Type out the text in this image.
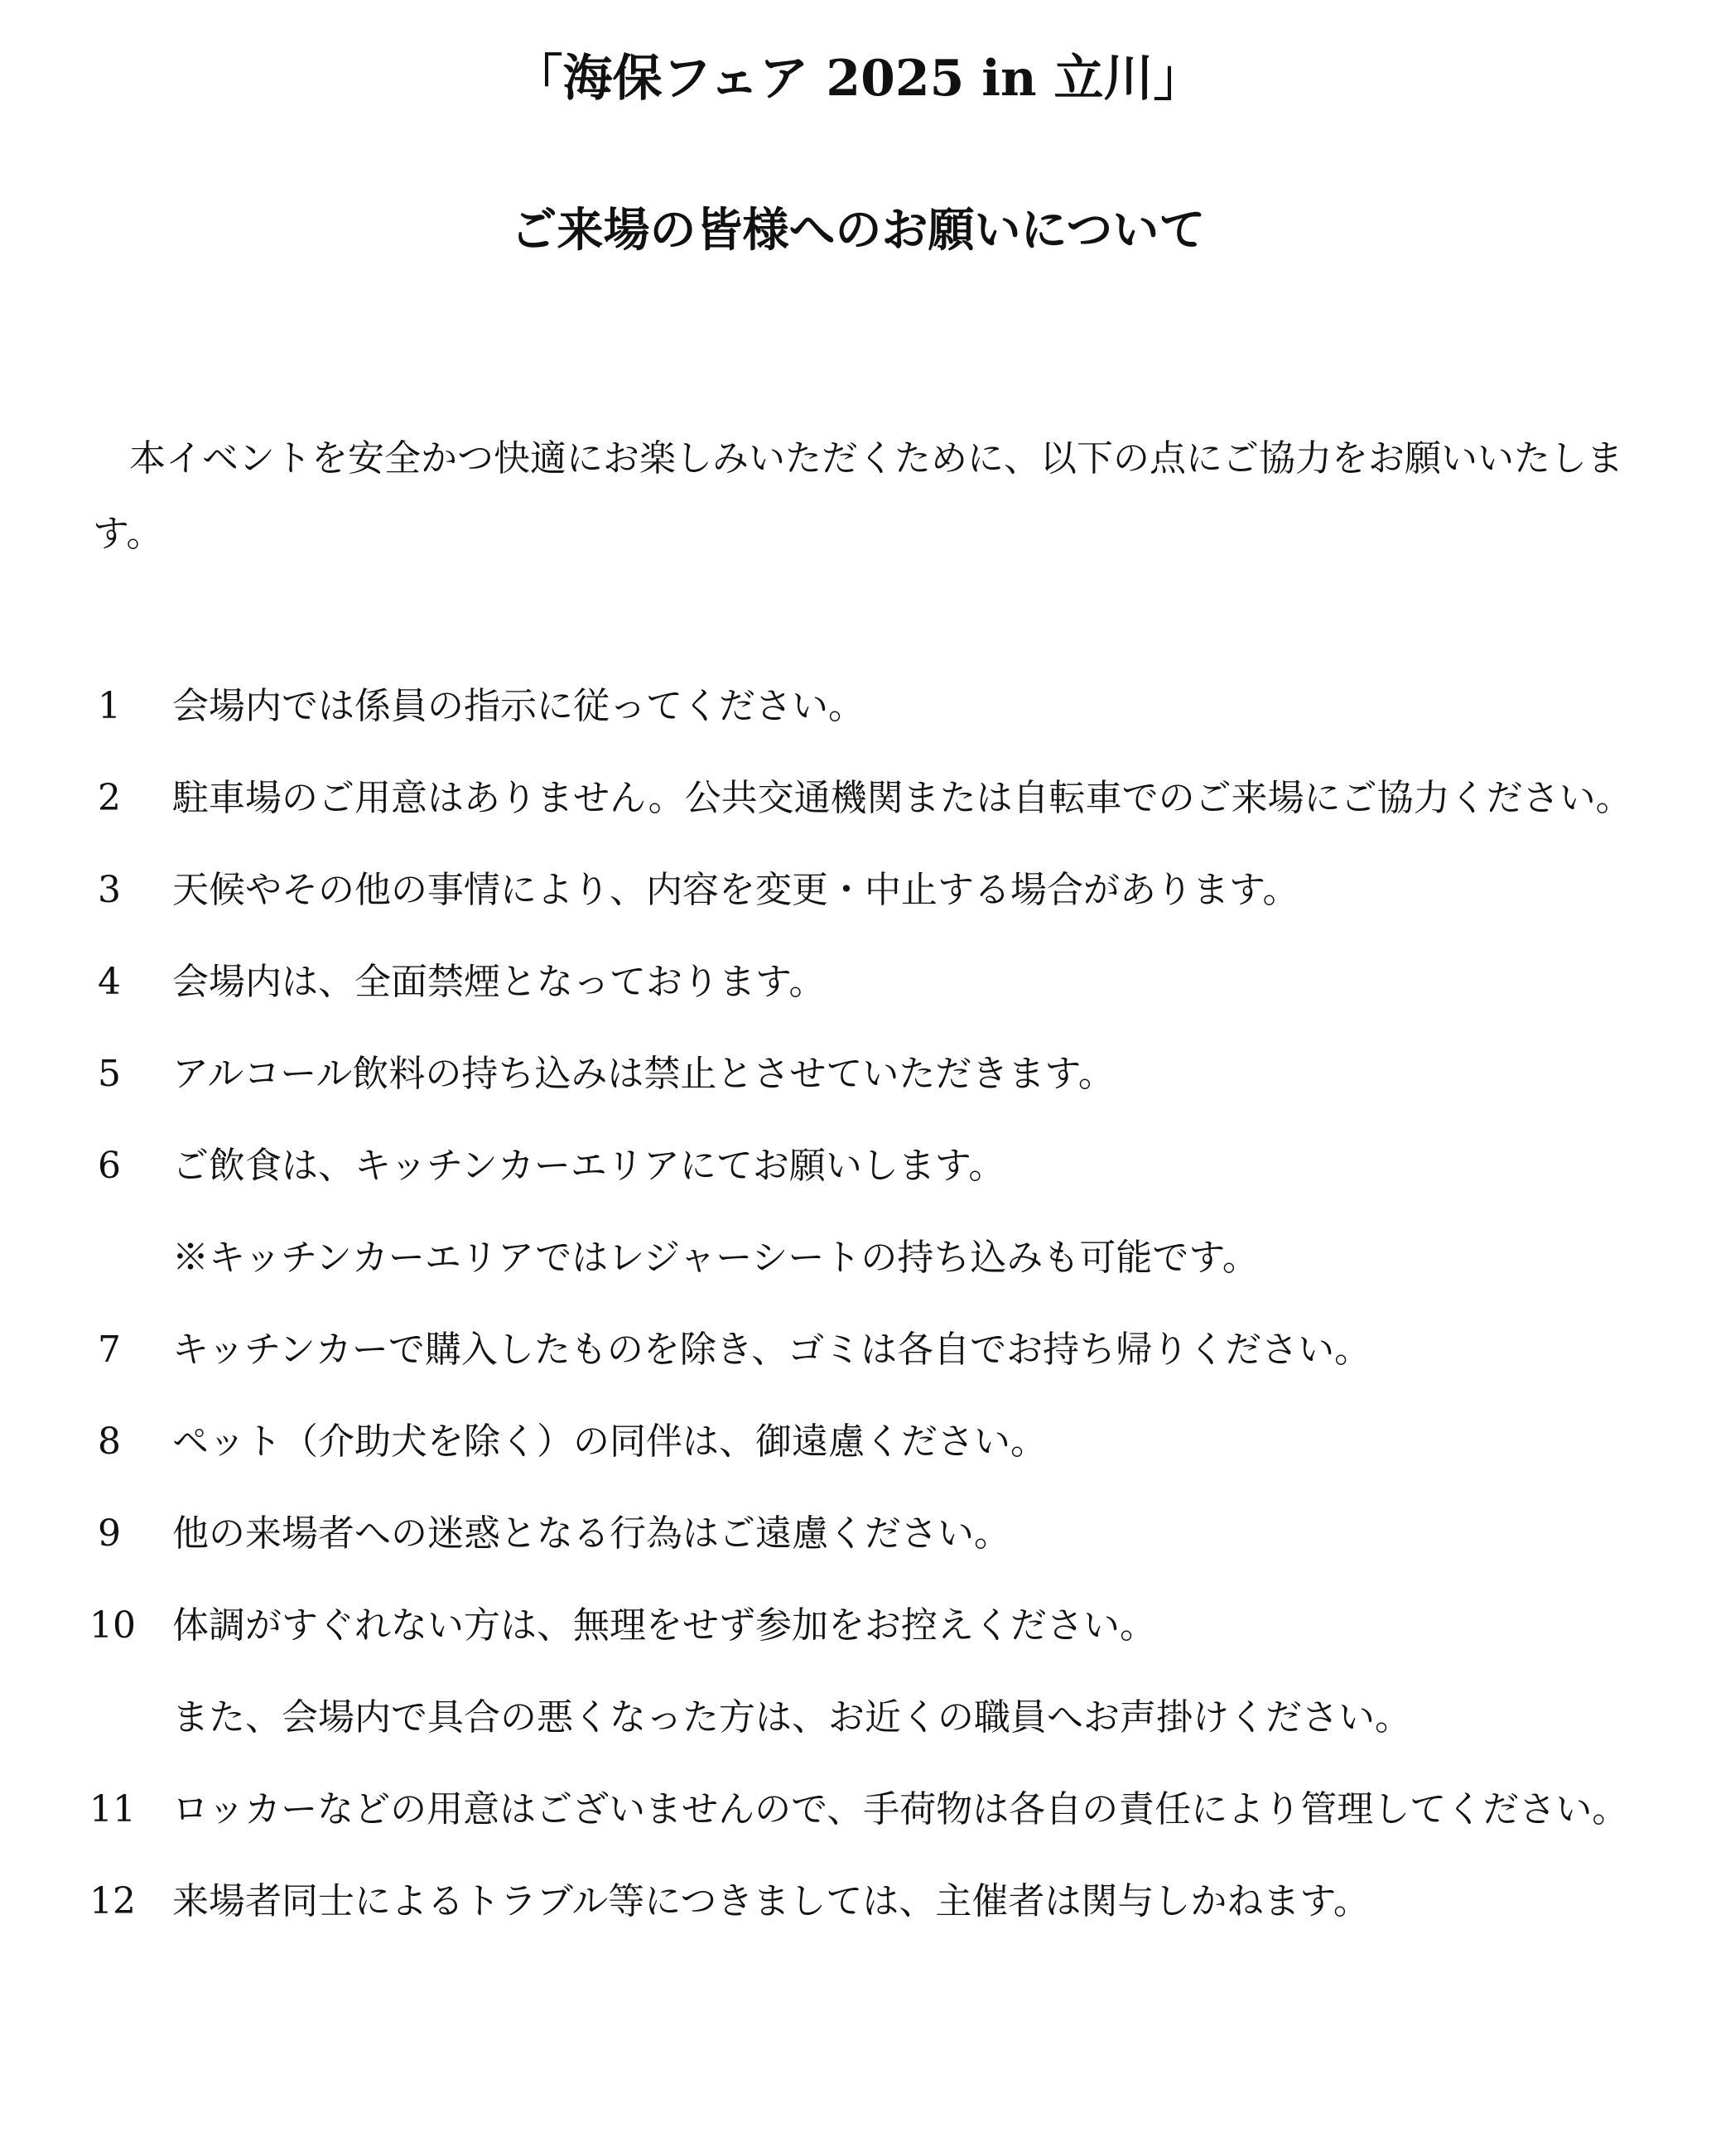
「海保フェア 2025 in 立川」
ご来場の皆様へのお願いについて
本イベントを安全かつ快適にお楽しみいただくために、以下の点にご協力をお願いいたします。
1	会場内では係員の指示に従ってください。
2	駐車場のご用意はありません。公共交通機関または自転車でのご来場にご協力ください。
3	天候やその他の事情により、内容を変更・中止する場合があります。
4	会場内は、全面禁煙となっております。
5	アルコール飲料の持ち込みは禁止とさせていただきます。
6	ご飲食は、キッチンカーエリアにてお願いします。
※キッチンカーエリアではレジャーシートの持ち込みも可能です。
7	キッチンカーで購入したものを除き、ゴミは各自でお持ち帰りください。
8	ペット（介助犬を除く）の同伴は、御遠慮ください。
9	他の来場者への迷惑となる行為はご遠慮ください。
10	体調がすぐれない方は、無理をせず参加をお控えください。
また、会場内で具合の悪くなった方は、お近くの職員へお声掛けください。
11	ロッカーなどの用意はございませんので、手荷物は各自の責任により管理してください。
12	来場者同士によるトラブル等につきましては、主催者は関与しかねます。
